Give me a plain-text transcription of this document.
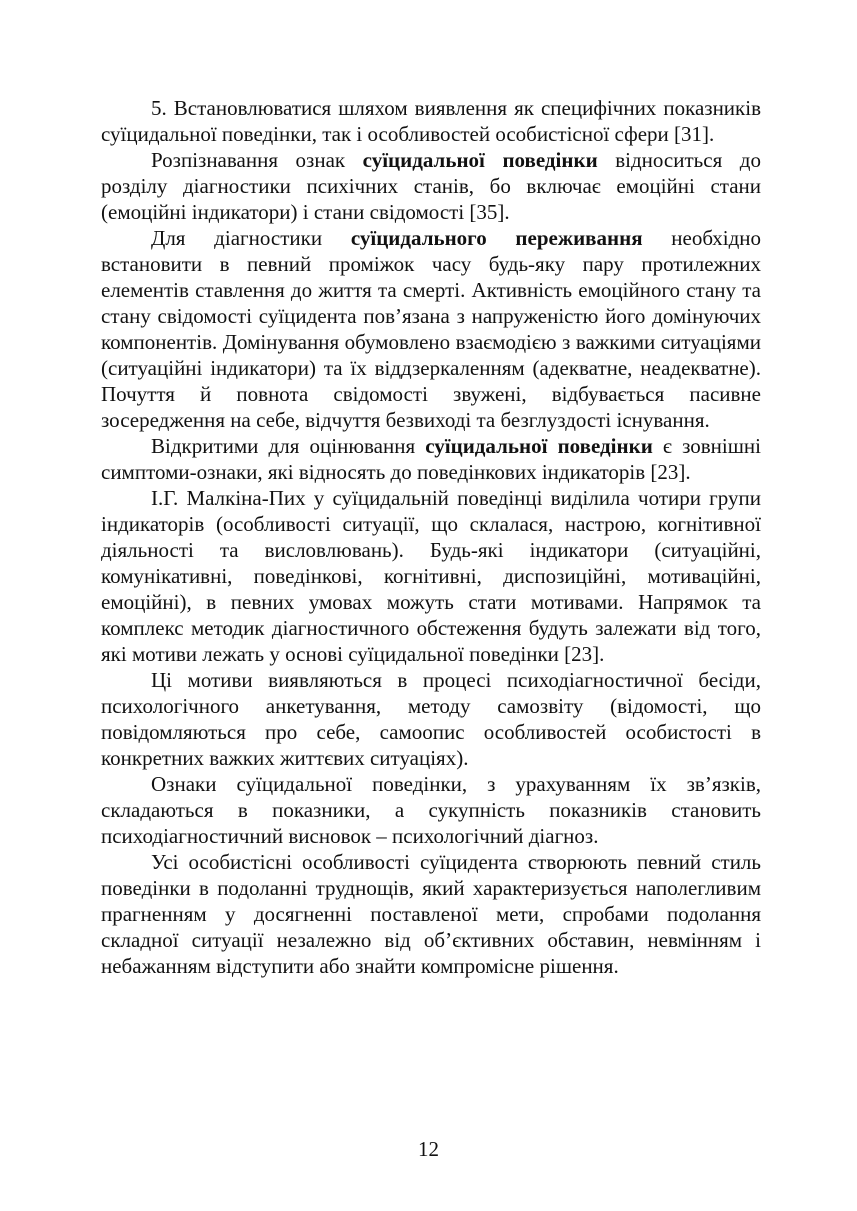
5. Встановлюватися шляхом виявлення як специфічних показників суїцидальної поведінки, так і особливостей особистісної сфери [31].

Розпізнавання ознак суїцидальної поведінки відноситься до розділу діагностики психічних станів, бо включає емоційні стани (емоційні індикатори) і стани свідомості [35].

Для діагностики суїцидального переживання необхідно встановити в певний проміжок часу будь-яку пару протилежних елементів ставлення до життя та смерті. Активність емоційного стану та стану свідомості суїцидента пов’язана з напруженістю його домінуючих компонентів. Домінування обумовлено взаємодією з важкими ситуаціями (ситуаційні індикатори) та їх віддзеркаленням (адекватне, неадекватне). Почуття й повнота свідомості звужені, відбувається пасивне зосередження на себе, відчуття безвиході та безглуздості існування.

Відкритими для оцінювання суїцидальної поведінки є зовнішні симптоми-ознаки, які відносять до поведінкових індикаторів [23].

І.Г. Малкіна-Пих у суїцидальній поведінці виділила чотири групи індикаторів (особливості ситуації, що склалася, настрою, когнітивної діяльності та висловлювань). Будь-які індикатори (ситуаційні, комунікативні, поведінкові, когнітивні, диспозиційні, мотиваційні, емоційні), в певних умовах можуть стати мотивами. Напрямок та комплекс методик діагностичного обстеження будуть залежати від того, які мотиви лежать у основі суїцидальної поведінки [23].

Ці мотиви виявляються в процесі психодіагностичної бесіди, психологічного анкетування, методу самозвіту (відомості, що повідомляються про себе, самоопис особливостей особистості в конкретних важких життєвих ситуаціях).

Ознаки суїцидальної поведінки, з урахуванням їх зв’язків, складаються в показники, а сукупність показників становить психодіагностичний висновок – психологічний діагноз.

Усі особистісні особливості суїцидента створюють певний стиль поведінки в подоланні труднощів, який характеризується наполегливим прагненням у досягненні поставленої мети, спробами подолання складної ситуації незалежно від об’єктивних обставин, невмінням і небажанням відступити або знайти компромісне рішення.

12
